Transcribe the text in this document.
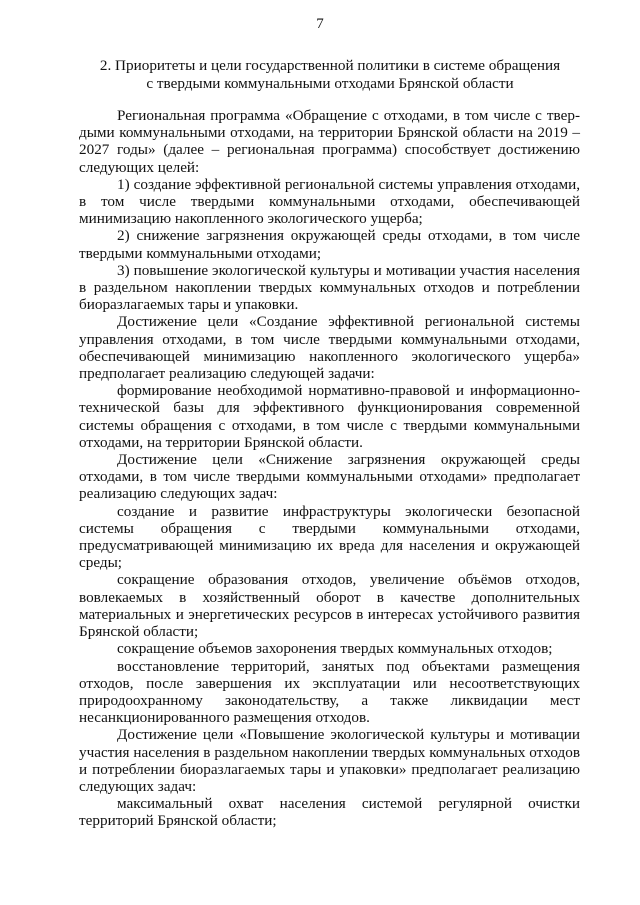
7
2. Приоритеты и цели государственной политики в системе обращения
с твердыми коммунальными отходами Брянской области

Региональная программа «Обращение с отходами, в том числе с твердыми коммунальными отходами, на территории Брянской области на 2019 – 2027 годы» (далее – региональная программа) способствует достижению следующих целей:

1) создание эффективной региональной системы управления отходами, в том числе твердыми коммунальными отходами, обеспечивающей минимизацию накопленного экологического ущерба;

2) снижение загрязнения окружающей среды отходами, в том числе твердыми коммунальными отходами;

3) повышение экологической культуры и мотивации участия населения в раздельном накоплении твердых коммунальных отходов и потреблении биоразлагаемых тары и упаковки.

Достижение цели «Создание эффективной региональной системы управления отходами, в том числе твердыми коммунальными отходами, обеспечивающей минимизацию накопленного экологического ущерба» предполагает реализацию следующей задачи:

формирование необходимой нормативно-правовой и информационно-технической базы для эффективного функционирования современной системы обращения с отходами, в том числе с твердыми коммунальными отходами, на территории Брянской области.

Достижение цели «Снижение загрязнения окружающей среды отходами, в том числе твердыми коммунальными отходами» предполагает реализацию следующих задач:

создание и развитие инфраструктуры экологически безопасной системы обращения с твердыми коммунальными отходами, предусматривающей минимизацию их вреда для населения и окружающей среды;

сокращение образования отходов, увеличение объёмов отходов, вовлекаемых в хозяйственный оборот в качестве дополнительных материальных и энергетических ресурсов в интересах устойчивого развития Брянской области;

сокращение объемов захоронения твердых коммунальных отходов;

восстановление территорий, занятых под объектами размещения отходов, после завершения их эксплуатации или несоответствующих природоохранному законодательству, а также ликвидации мест несанкционированного размещения отходов.

Достижение цели «Повышение экологической культуры и мотивации участия населения в раздельном накоплении твердых коммунальных отходов и потреблении биоразлагаемых тары и упаковки» предполагает реализацию следующих задач:

максимальный охват населения системой регулярной очистки территорий Брянской области;
